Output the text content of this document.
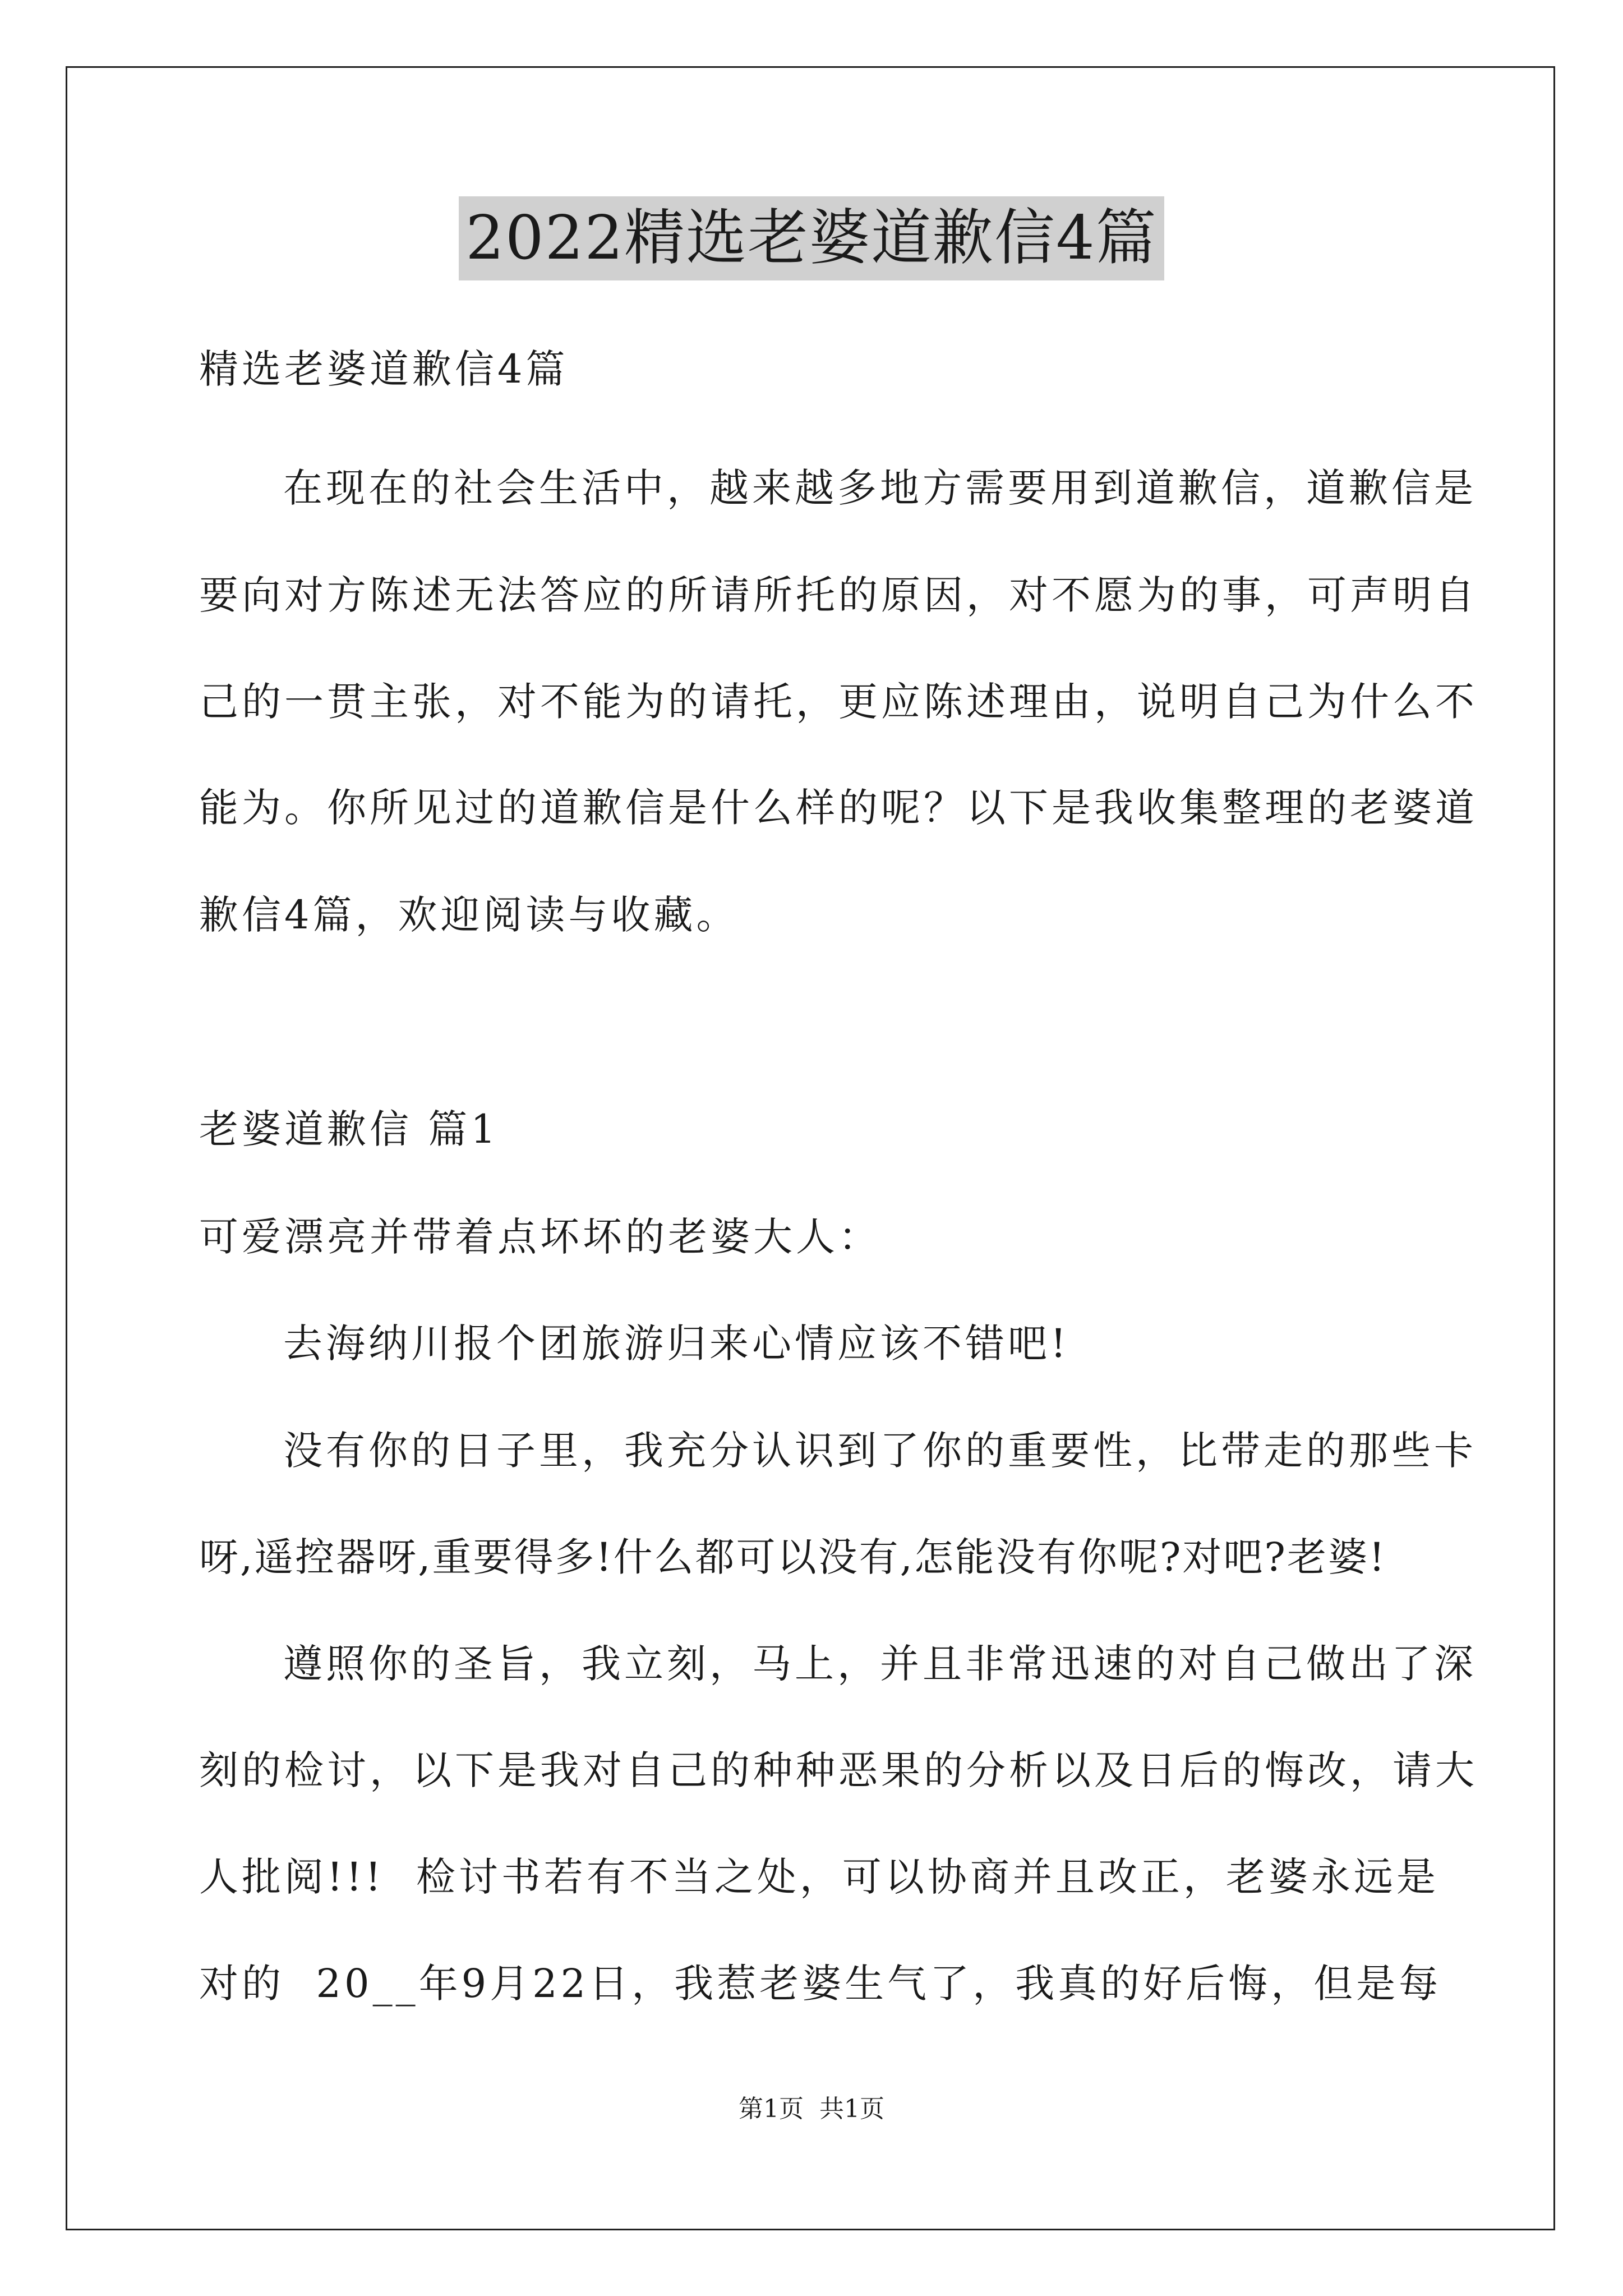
2022精选老婆道歉信4篇
精选老婆道歉信4篇
在现在的社会生活中，越来越多地方需要用到道歉信，道歉信是
要向对方陈述无法答应的所请所托的原因，对不愿为的事，可声明自
己的一贯主张，对不能为的请托，更应陈述理由，说明自己为什么不
能为。你所见过的道歉信是什么样的呢？以下是我收集整理的老婆道
歉信4篇，欢迎阅读与收藏。
老婆道歉信 篇1
可爱漂亮并带着点坏坏的老婆大人：
去海纳川报个团旅游归来心情应该不错吧!
没有你的日子里，我充分认识到了你的重要性，比带走的那些卡
呀,遥控器呀,重要得多!什么都可以没有,怎能没有你呢?对吧?老婆!
遵照你的圣旨，我立刻，马上，并且非常迅速的对自己做出了深
刻的检讨，以下是我对自己的种种恶果的分析以及日后的悔改，请大
人批阅!!!  检讨书若有不当之处，可以协商并且改正，老婆永远是
对的  20__年9月22日，我惹老婆生气了，我真的好后悔，但是每
第1页  共1页
